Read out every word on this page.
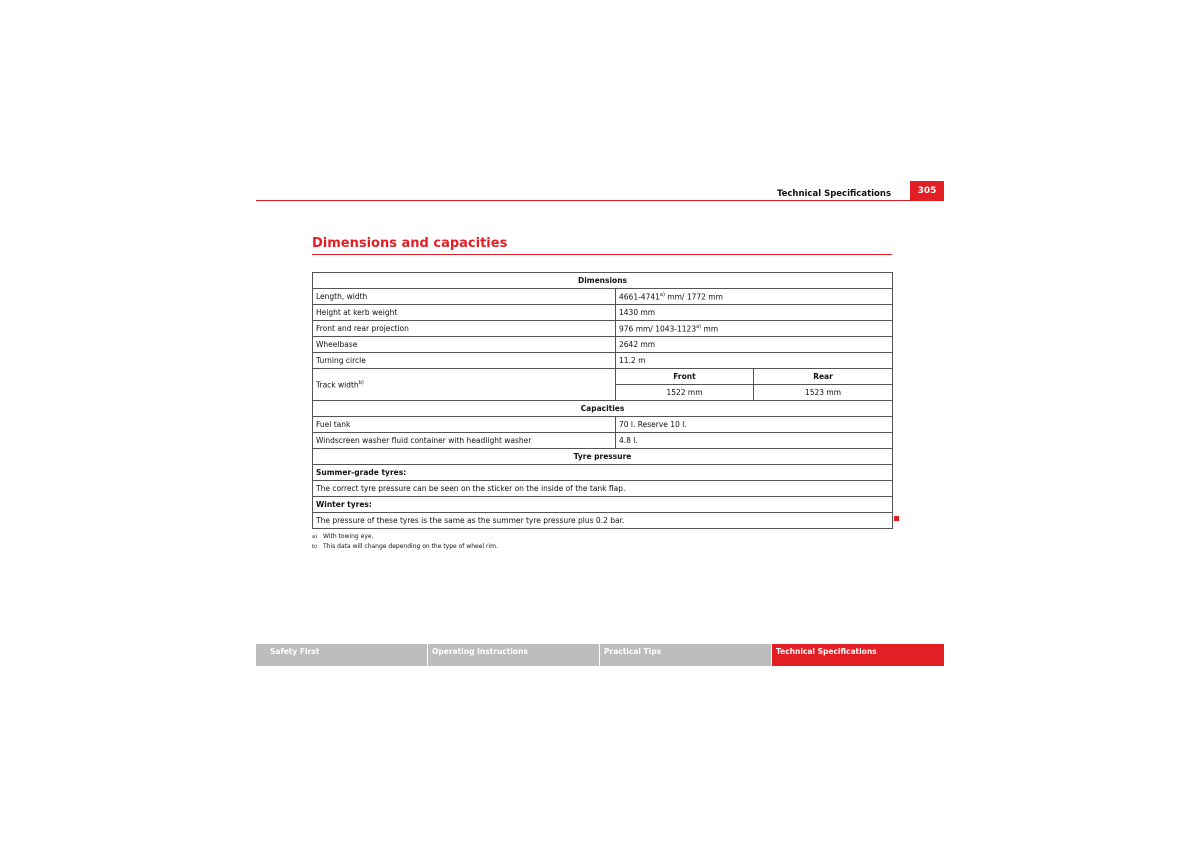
Technical Specifications	305
Dimensions and capacities
Dimensions		
Length, width	4661-4741$^{a)}$ mm/ 1772 mm	
Height at kerb weight	1430 mm	
Front and rear projection	976 mm/ 1043-1123$^{a)}$ mm	
Wheelbase	2642 mm	
Turning circle	11.2 m	
Track width$^{b)}$	Front	Rear
	1522 mm	1523 mm
Capacities		
Fuel tank	70 l. Reserve 10 l.	
Windscreen washer fluid container with headlight washer	4.8 l.	
Tyre pressure		
Summer-grade tyres:		
The correct tyre pressure can be seen on the sticker on the inside of the tank flap.		
Winter tyres:		
The pressure of these tyres is the same as the summer tyre pressure plus 0.2 bar.		
a) With towing eye.
b) This data will change depending on the type of wheel rim.
Safety First	Operating Instructions	Practical Tips	Technical Specifications
